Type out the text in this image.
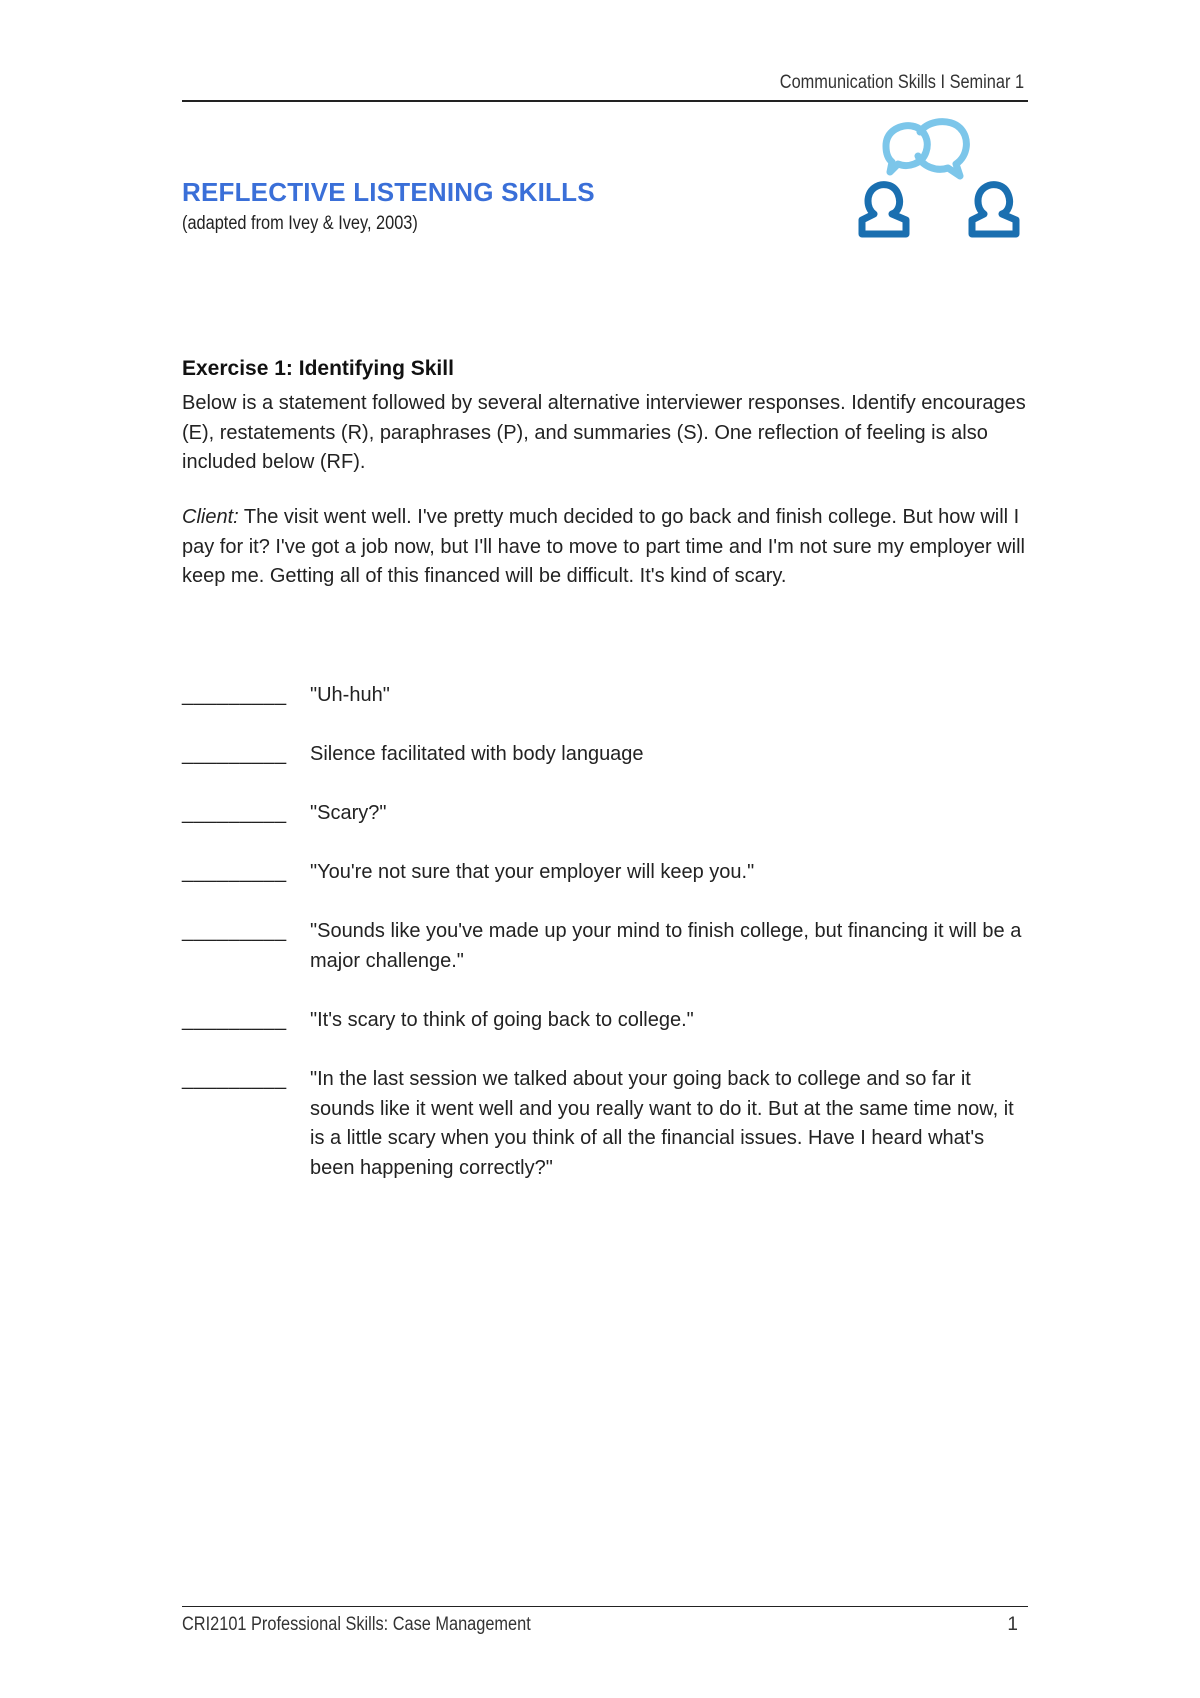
Communication Skills I Seminar 1
REFLECTIVE LISTENING SKILLS
(adapted from Ivey & Ivey, 2003)
Exercise 1: Identifying Skill
Below is a statement followed by several alternative interviewer responses. Identify encourages (E), restatements (R), paraphrases (P), and summaries (S). One reflection of feeling is also included below (RF).
Client: The visit went well. I've pretty much decided to go back and finish college. But how will I pay for it? I've got a job now, but I'll have to move to part time and I'm not sure my employer will keep me. Getting all of this financed will be difficult. It's kind of scary.
_________ "Uh-huh"
_________ Silence facilitated with body language
_________ "Scary?"
_________ "You're not sure that your employer will keep you."
_________ "Sounds like you've made up your mind to finish college, but financing it will be a major challenge."
_________ "It's scary to think of going back to college."
_________ "In the last session we talked about your going back to college and so far it sounds like it went well and you really want to do it. But at the same time now, it is a little scary when you think of all the financial issues. Have I heard what's been happening correctly?"
CRI2101 Professional Skills: Case Management	1
